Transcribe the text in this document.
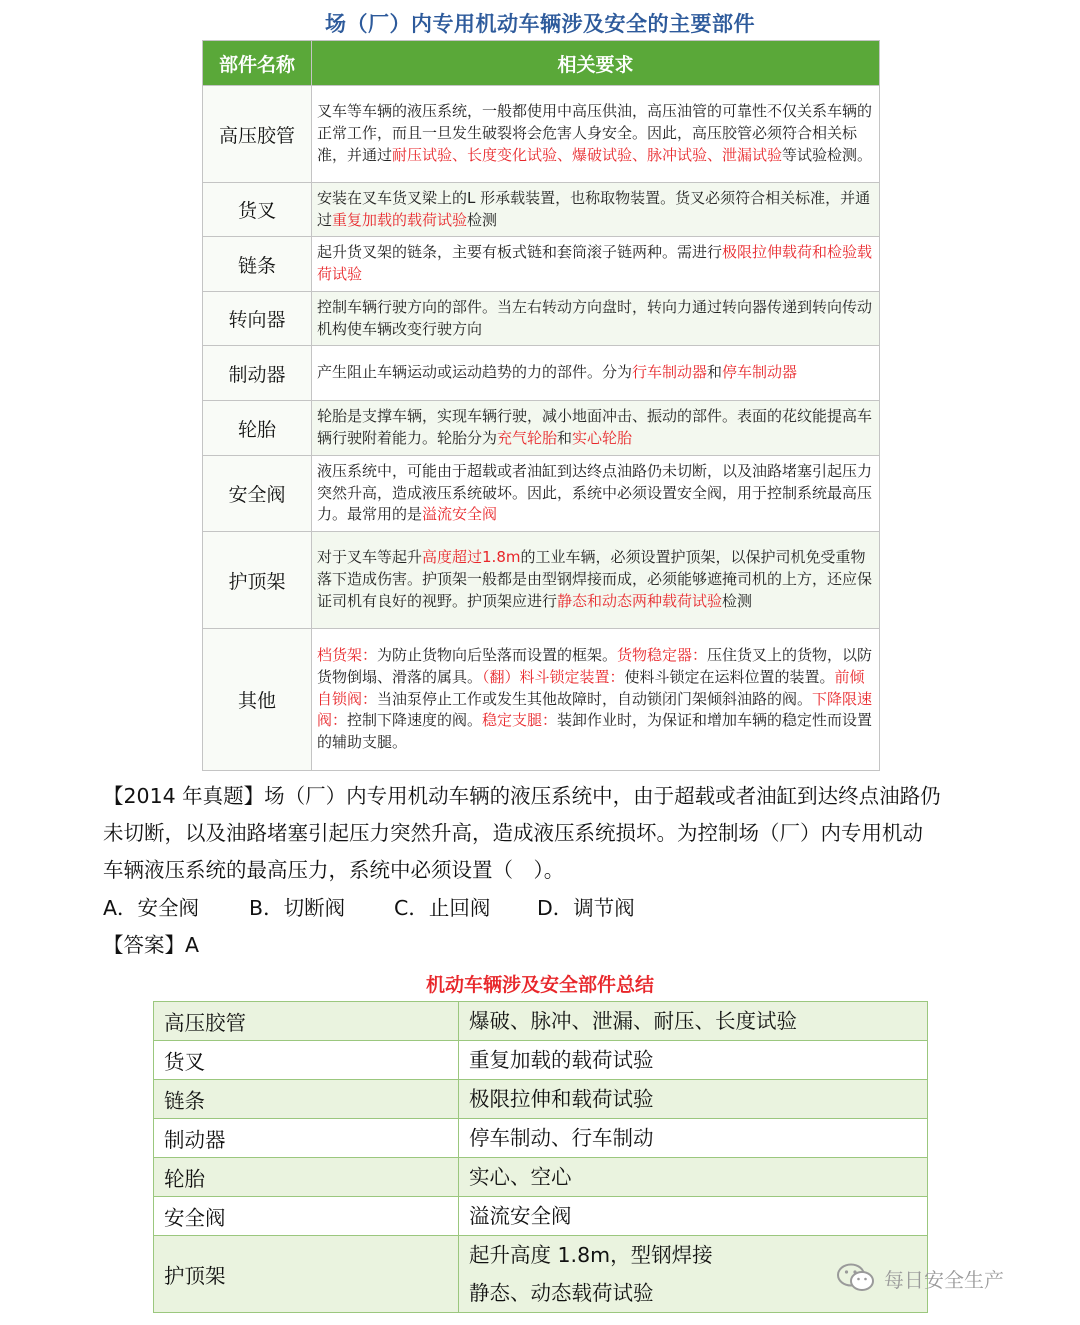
场（厂）内专用机动车辆涉及安全的主要部件
部件名称	相关要求
高压胶管	叉车等车辆的液压系统，一般都使用中高压供油，高压油管的可靠性不仅关系车辆的正常工作，而且一旦发生破裂将会危害人身安全。因此，高压胶管必须符合相关标准，并通过耐压试验、长度变化试验、爆破试验、脉冲试验、泄漏试验等试验检测。
货叉	安装在叉车货叉梁上的L 形承载装置，也称取物装置。货叉必须符合相关标准，并通过重复加载的载荷试验检测
链条	起升货叉架的链条，主要有板式链和套筒滚子链两种。需进行极限拉伸载荷和检验载荷试验
转向器	控制车辆行驶方向的部件。当左右转动方向盘时，转向力通过转向器传递到转向传动机构使车辆改变行驶方向
制动器	产生阻止车辆运动或运动趋势的力的部件。分为行车制动器和停车制动器
轮胎	轮胎是支撑车辆，实现车辆行驶，减小地面冲击、振动的部件。表面的花纹能提高车辆行驶附着能力。轮胎分为充气轮胎和实心轮胎
安全阀	液压系统中，可能由于超载或者油缸到达终点油路仍未切断，以及油路堵塞引起压力突然升高，造成液压系统破坏。因此，系统中必须设置安全阀，用于控制系统最高压力。最常用的是溢流安全阀
护顶架	对于叉车等起升高度超过1.8m的工业车辆，必须设置护顶架，以保护司机免受重物落下造成伤害。护顶架一般都是由型钢焊接而成，必须能够遮掩司机的上方，还应保证司机有良好的视野。护顶架应进行静态和动态两种载荷试验检测
其他	档货架：为防止货物向后坠落而设置的框架。货物稳定器：压住货叉上的货物，以防货物倒塌、滑落的属具。（翻）料斗锁定装置：使料斗锁定在运料位置的装置。前倾自锁阀：当油泵停止工作或发生其他故障时，自动锁闭门架倾斜油路的阀。下降限速阀：控制下降速度的阀。稳定支腿：装卸作业时，为保证和增加车辆的稳定性而设置的辅助支腿。
【2014 年真题】场（厂）内专用机动车辆的液压系统中，由于超载或者油缸到达终点油路仍
未切断，以及油路堵塞引起压力突然升高，造成液压系统损坏。为控制场（厂）内专用机动
车辆液压系统的最高压力，系统中必须设置（　）。
A．安全阀 B．切断阀 C．止回阀 D．调节阀
【答案】A
机动车辆涉及安全部件总结
高压胶管	爆破、脉冲、泄漏、耐压、长度试验

货叉	重复加载的载荷试验

链条	极限拉伸和载荷试验

制动器	停车制动、行车制动

轮胎	实心、空心

安全阀	溢流安全阀

护顶架	起升高度 1.8m，型钢焊接
静态、动态载荷试验
每日安全生产
